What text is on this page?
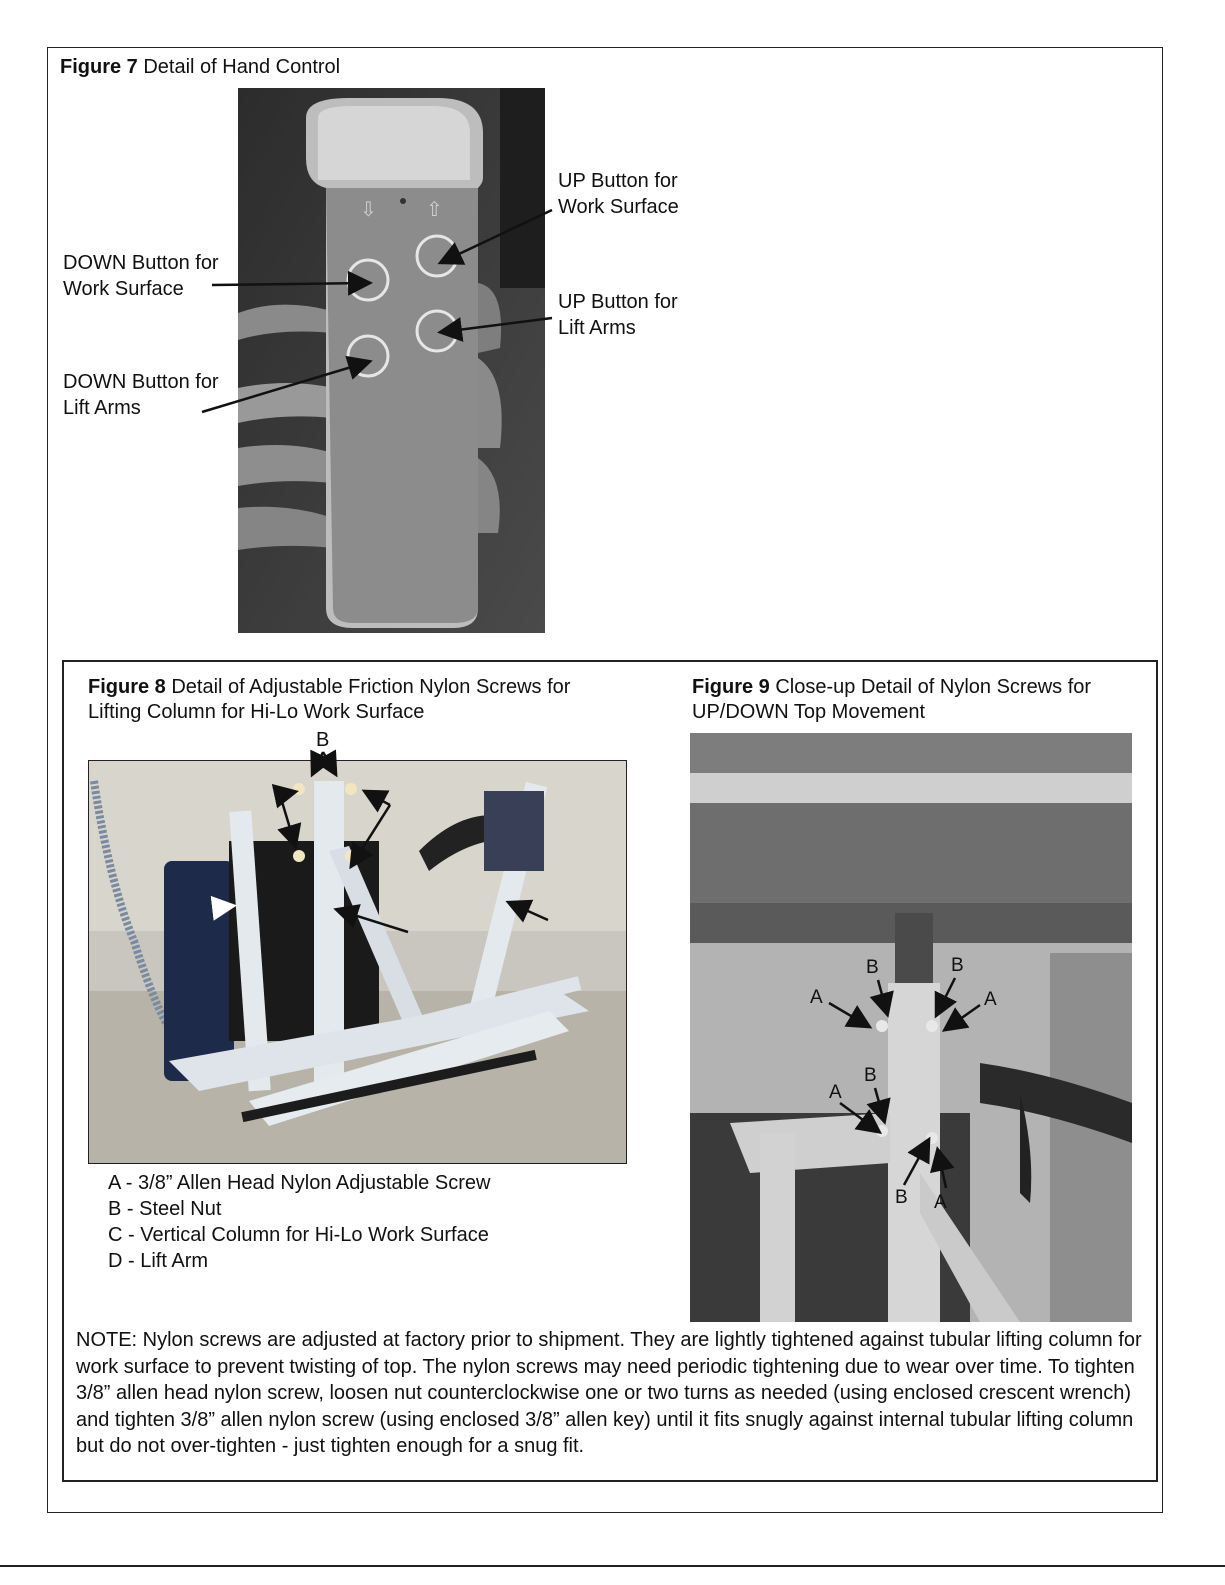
Figure 7 Detail of Hand Control
⇩ ⇧
UP Button for
Work Surface
DOWN Button for
Work Surface
UP Button for
Lift Arms
DOWN Button for
Lift Arms
Figure 8 Detail of Adjustable Friction Nylon Screws for
Lifting Column for Hi-Lo Work Surface
Figure 9 Close-up Detail of Nylon Screws for
UP/DOWN Top Movement
B
A - 3/8” Allen Head Nylon Adjustable Screw
B - Steel Nut
C - Vertical Column for Hi-Lo Work Surface
D - Lift Arm
B	B
A	A
B
A
B A
NOTE: Nylon screws are adjusted at factory prior to shipment. They are lightly tightened against tubular lifting column for work surface to prevent twisting of top. The nylon screws may need periodic tightening due to wear over time. To tighten 3/8” allen head nylon screw, loosen nut counterclockwise one or two turns as needed (using enclosed crescent wrench) and tighten 3/8” allen nylon screw (using enclosed 3/8” allen key) until it fits snugly against internal tubular lifting column but do not over-tighten - just tighten enough for a snug fit.
